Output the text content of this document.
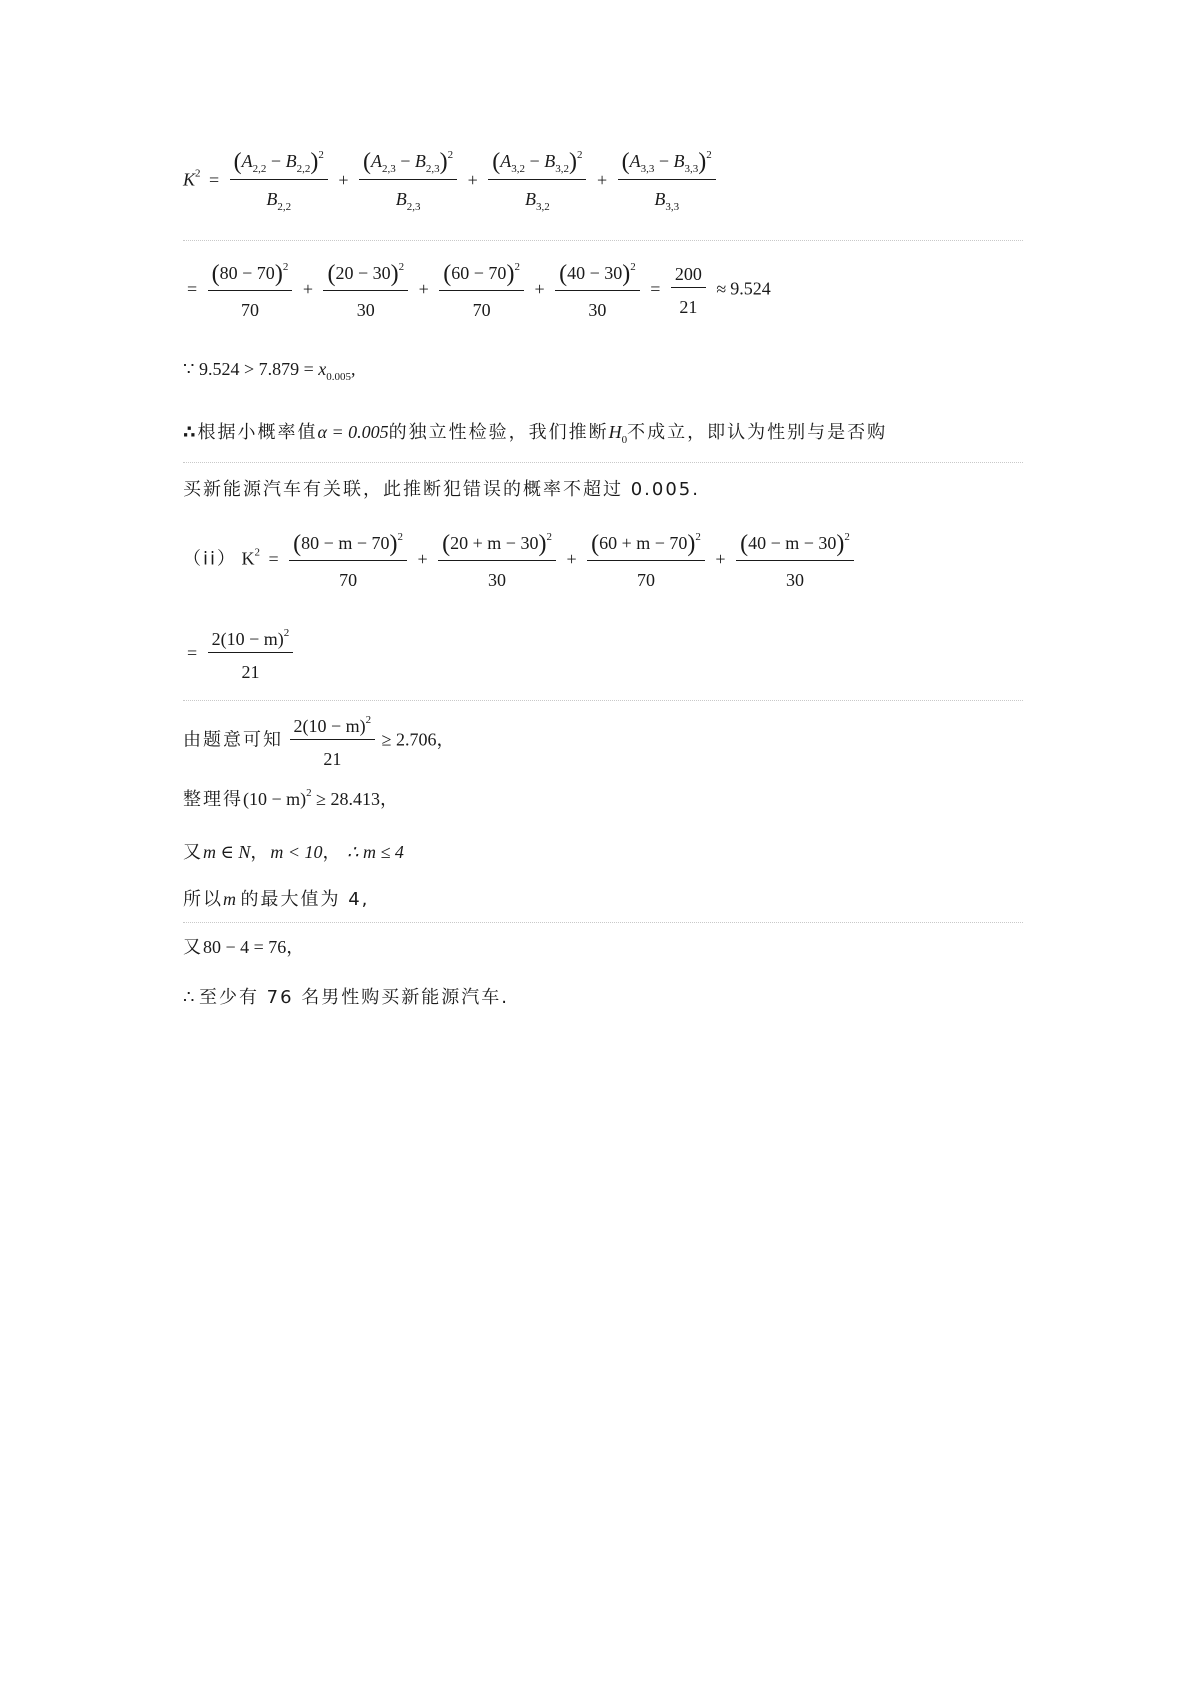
$K^2 = \frac{(A_{2,2} - B_{2,2})^2}{B_{2,2}} + \frac{(A_{2,3} - B_{2,3})^2}{B_{2,3}} + \frac{(A_{3,2} - B_{3,2})^2}{B_{3,2}} + \frac{(A_{3,3} - B_{3,3})^2}{B_{3,3}}$
= $\frac{(80 - 70)^2}{70} + \frac{(20 - 30)^2}{30} + \frac{(60 - 70)^2}{70} + \frac{(40 - 30)^2}{30} = \frac{200}{21} \approx 9.524$
∵ $9.524 > 7.879 = x_{0.005}$,
∴根据小概率值α = 0.005的独立性检验，我们推断$H_0$不成立，即认为性别与是否购
买新能源汽车有关联，此推断犯错误的概率不超过 0.005.
（ii） $K^2 = \frac{(80 - m - 70)^2}{70} + \frac{(20 + m - 30)^2}{30} + \frac{(60 + m - 70)^2}{70} + \frac{(40 - m - 30)^2}{30}$
= $\frac{2(10 - m)^2}{21}$
由题意可知 $\frac{2(10 - m)^2}{21} \ge 2.706$，
整理得$(10 - m)^2 \ge 28.413$，
又m ∈ N，m < 10， ∴ m ≤ 4
所以m 的最大值为 4,
又80 − 4 = 76，
∴ 至少有 76 名男性购买新能源汽车.
